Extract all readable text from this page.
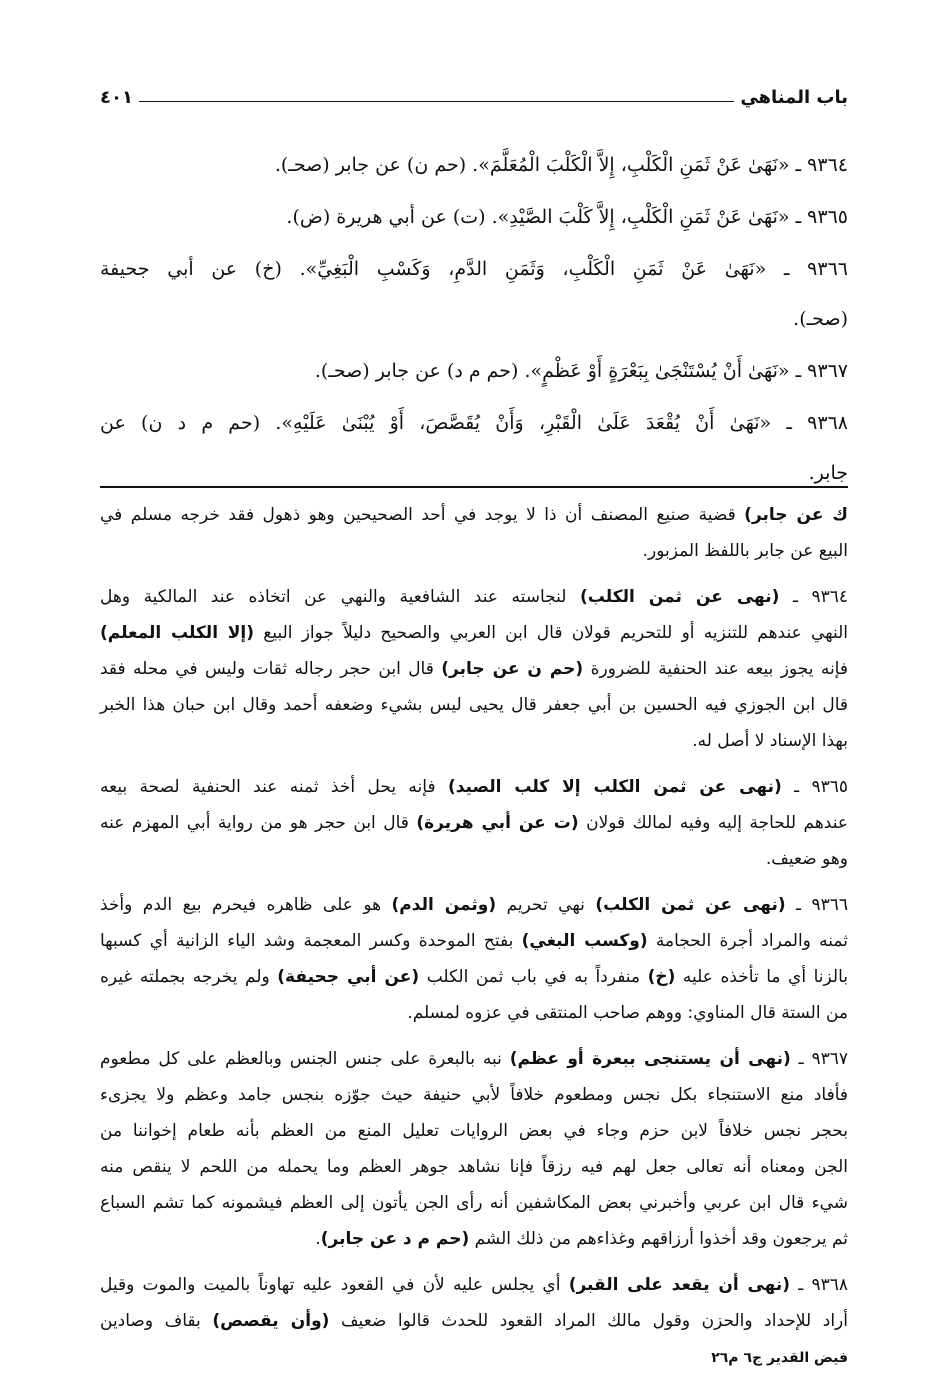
باب المناهي
٤٠١
٩٣٦٤ ـ «نَهَىٰ عَنْ ثَمَنِ الْكَلْبِ، إِلاَّ الْكَلْبَ الْمُعَلَّمَ». (حم ن) عن جابر (صحـ).
٩٣٦٥ ـ «نَهَىٰ عَنْ ثَمَنِ الْكَلْبِ، إِلاَّ كَلْبَ الصَّيْدِ». (ت) عن أبي هريرة (ض).
٩٣٦٦ ـ «نَهَىٰ عَنْ ثَمَنِ الْكَلْبِ، وَثَمَنِ الدَّمِ، وَكَسْبِ الْبَغِيِّ». (خ) عن أبي جحيفة
(صحـ).
٩٣٦٧ ـ «نَهَىٰ أَنْ يُسْتَنْجَىٰ بِبَعْرَةٍ أَوْ عَظْمٍ». (حم م د) عن جابر (صحـ).
٩٣٦٨ ـ «نَهَىٰ أَنْ يُقْعَدَ عَلَىٰ الْقَبْرِ، وَأَنْ يُقَصَّصَ، أَوْ يُبْنَىٰ عَلَيْهِ». (حم م د ن) عن
جابر.
ك عن جابر) قضية صنيع المصنف أن ذا لا يوجد في أحد الصحيحين وهو ذهول فقد خرجه مسلم في
البيع عن جابر باللفظ المزبور.
٩٣٦٤ ـ (نهى عن ثمن الكلب) لنجاسته عند الشافعية والنهي عن اتخاذه عند المالكية وهل
النهي عندهم للتنزيه أو للتحريم قولان قال ابن العربي والصحيح دليلاً جواز البيع (إلا الكلب المعلم)
فإنه يجوز بيعه عند الحنفية للضرورة (حم ن عن جابر) قال ابن حجر رجاله ثقات وليس في محله فقد
قال ابن الجوزي فيه الحسين بن أبي جعفر قال يحيى ليس بشيء وضعفه أحمد وقال ابن حبان هذا الخبر
بهذا الإسناد لا أصل له.
٩٣٦٥ ـ (نهى عن ثمن الكلب إلا كلب الصيد) فإنه يحل أخذ ثمنه عند الحنفية لصحة بيعه
عندهم للحاجة إليه وفيه لمالك قولان (ت عن أبي هريرة) قال ابن حجر هو من رواية أبي المهزم عنه
وهو ضعيف.
٩٣٦٦ ـ (نهى عن ثمن الكلب) نهي تحريم (وثمن الدم) هو على ظاهره فيحرم بيع الدم وأخذ
ثمنه والمراد أجرة الحجامة (وكسب البغي) بفتح الموحدة وكسر المعجمة وشد الياء الزانية أي كسبها
بالزنا أي ما تأخذه عليه (خ) منفرداً به في باب ثمن الكلب (عن أبي جحيفة) ولم يخرجه بجملته غيره
من الستة قال المناوي: ووهم صاحب المنتقى في عزوه لمسلم.
٩٣٦٧ ـ (نهى أن يستنجى ببعرة أو عظم) نبه بالبعرة على جنس الجنس وبالعظم على كل مطعوم
فأفاد منع الاستنجاء بكل نجس ومطعوم خلافاً لأبي حنيفة حيث جوّزه بنجس جامد وعظم ولا يجزىء
بحجر نجس خلافاً لابن حزم وجاء في بعض الروايات تعليل المنع من العظم بأنه طعام إخواننا من
الجن ومعناه أنه تعالى جعل لهم فيه رزقاً فإنا نشاهد جوهر العظم وما يحمله من اللحم لا ينقص منه
شيء قال ابن عربي وأخبرني بعض المكاشفين أنه رأى الجن يأتون إلى العظم فيشمونه كما تشم السباع
ثم يرجعون وقد أخذوا أرزاقهم وغذاءهم من ذلك الشم (حم م د عن جابر).
٩٣٦٨ ـ (نهى أن يقعد على القبر) أي يجلس عليه لأن في القعود عليه تهاوناً بالميت والموت وقيل
أراد للإحداد والحزن وقول مالك المراد القعود للحدث قالوا ضعيف (وأن يقصص) بقاف وصادين
فيض القدير ج٦ م٢٦
